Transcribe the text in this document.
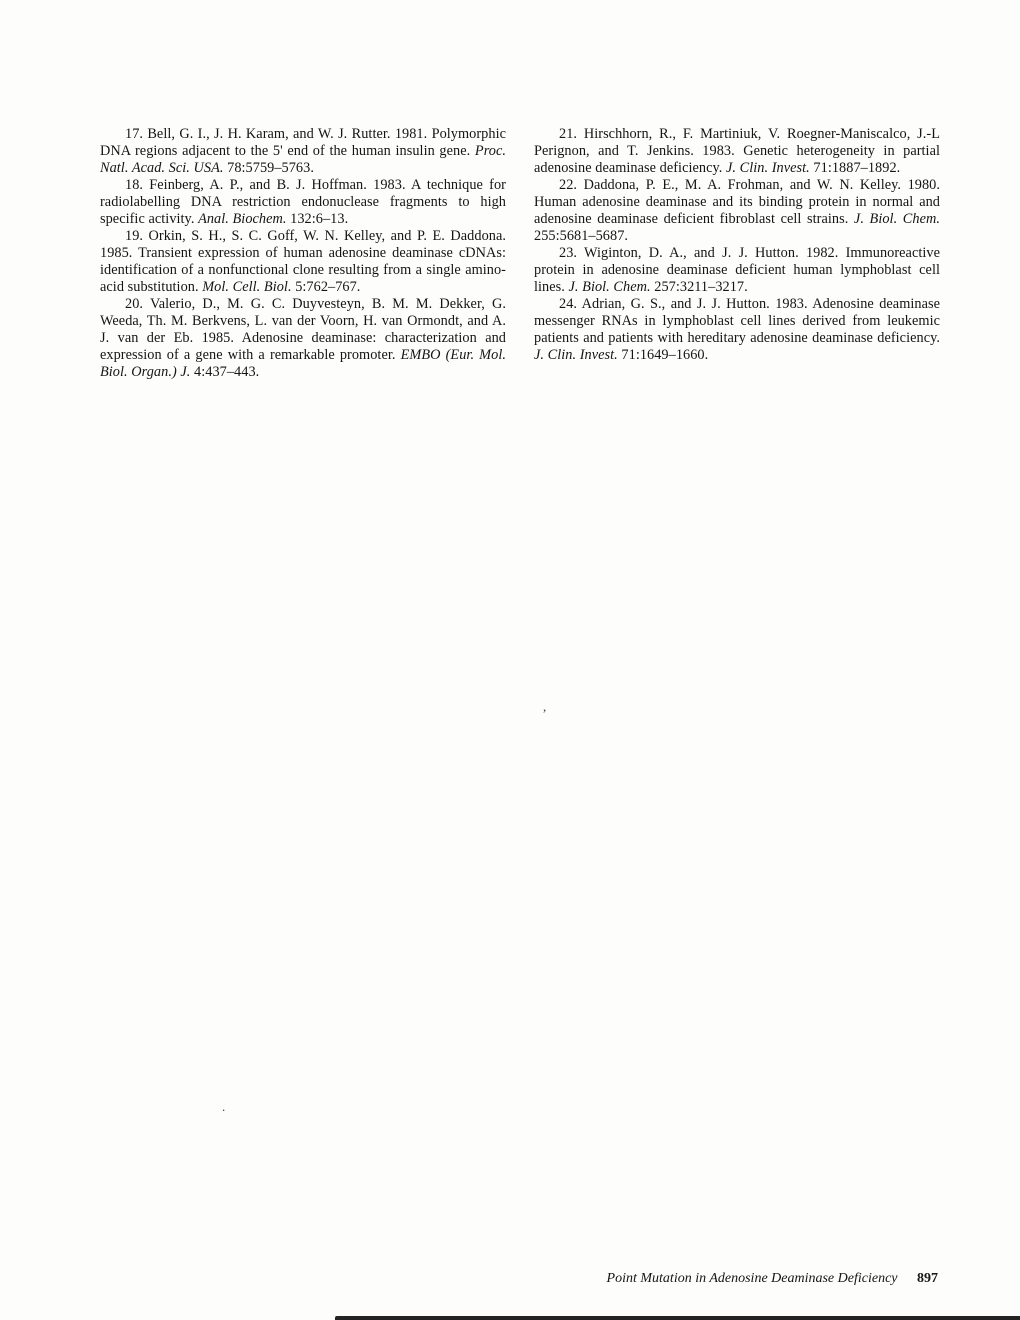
17. Bell, G. I., J. H. Karam, and W. J. Rutter. 1981. Polymorphic DNA regions adjacent to the 5' end of the human insulin gene. Proc. Natl. Acad. Sci. USA. 78:5759–5763.

18. Feinberg, A. P., and B. J. Hoffman. 1983. A technique for radiolabelling DNA restriction endonuclease fragments to high specific activity. Anal. Biochem. 132:6–13.

19. Orkin, S. H., S. C. Goff, W. N. Kelley, and P. E. Daddona. 1985. Transient expression of human adenosine deaminase cDNAs: identification of a nonfunctional clone resulting from a single amino-acid substitution. Mol. Cell. Biol. 5:762–767.

20. Valerio, D., M. G. C. Duyvesteyn, B. M. M. Dekker, G. Weeda, Th. M. Berkvens, L. van der Voorn, H. van Ormondt, and A. J. van der Eb. 1985. Adenosine deaminase: characterization and expression of a gene with a remarkable promoter. EMBO (Eur. Mol. Biol. Organ.) J. 4:437–443.

21. Hirschhorn, R., F. Martiniuk, V. Roegner-Maniscalco, J.-L Perignon, and T. Jenkins. 1983. Genetic heterogeneity in partial adenosine deaminase deficiency. J. Clin. Invest. 71:1887–1892.

22. Daddona, P. E., M. A. Frohman, and W. N. Kelley. 1980. Human adenosine deaminase and its binding protein in normal and adenosine deaminase deficient fibroblast cell strains. J. Biol. Chem. 255:5681–5687.

23. Wiginton, D. A., and J. J. Hutton. 1982. Immunoreactive protein in adenosine deaminase deficient human lymphoblast cell lines. J. Biol. Chem. 257:3211–3217.

24. Adrian, G. S., and J. J. Hutton. 1983. Adenosine deaminase messenger RNAs in lymphoblast cell lines derived from leukemic patients and patients with hereditary adenosine deaminase deficiency. J. Clin. Invest. 71:1649–1660.

,
.
Point Mutation in Adenosine Deaminase Deficiency 897
